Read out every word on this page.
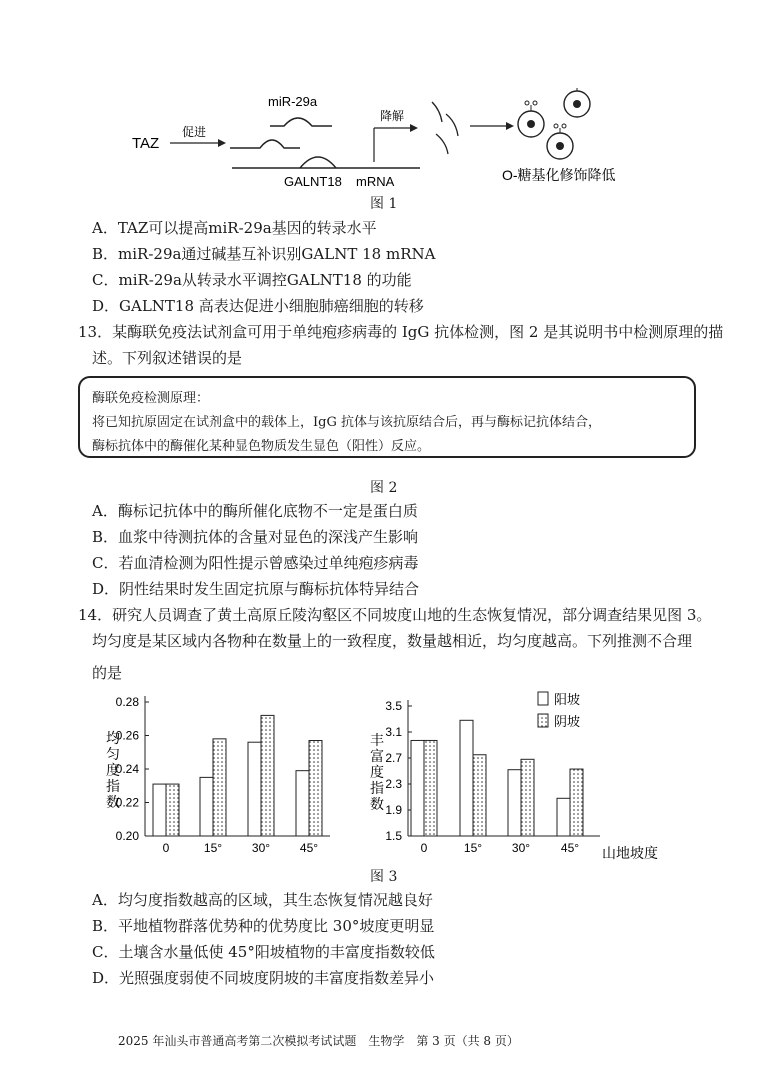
TAZ
促进
miR-29a
降解
GALNT18 mRNA	O-糖基化修饰降低
图 1
A．TAZ可以提高miR-29a基因的转录水平
B．miR-29a通过碱基互补识别GALNT 18 mRNA
C．miR-29a从转录水平调控GALNT18 的功能
D．GALNT18 高表达促进小细胞肺癌细胞的转移
13．某酶联免疫法试剂盒可用于单纯疱疹病毒的 IgG 抗体检测，图 2 是其说明书中检测原理的描
述。下列叙述错误的是
酶联免疫检测原理：
将已知抗原固定在试剂盒中的载体上，IgG 抗体与该抗原结合后，再与酶标记抗体结合，
酶标抗体中的酶催化某种显色物质发生显色（阳性）反应。
图 2
A．酶标记抗体中的酶所催化底物不一定是蛋白质
B．血浆中待测抗体的含量对显色的深浅产生影响
C．若血清检测为阳性提示曾感染过单纯疱疹病毒
D．阴性结果时发生固定抗原与酶标抗体特异结合
14．研究人员调查了黄土高原丘陵沟壑区不同坡度山地的生态恢复情况，部分调查结果见图 3。
均匀度是某区域内各物种在数量上的一致程度，数量越相近，均匀度越高。下列推测不合理
的是
0.20
0.22
0.24
0.26
0.28
0	15° 30° 45°
均匀度指数
1.5
1.9
2.3
2.7
3.1
3.5
0	15° 30°	45°
丰富度指数
山地坡度
阳坡
阴坡
图 3
A．均匀度指数越高的区域，其生态恢复情况越良好
B．平地植物群落优势种的优势度比 30°坡度更明显
C．土壤含水量低使 45°阳坡植物的丰富度指数较低
D．光照强度弱使不同坡度阴坡的丰富度指数差异小
2025 年汕头市普通高考第二次模拟考试试题　生物学　第 3 页（共 8 页）
